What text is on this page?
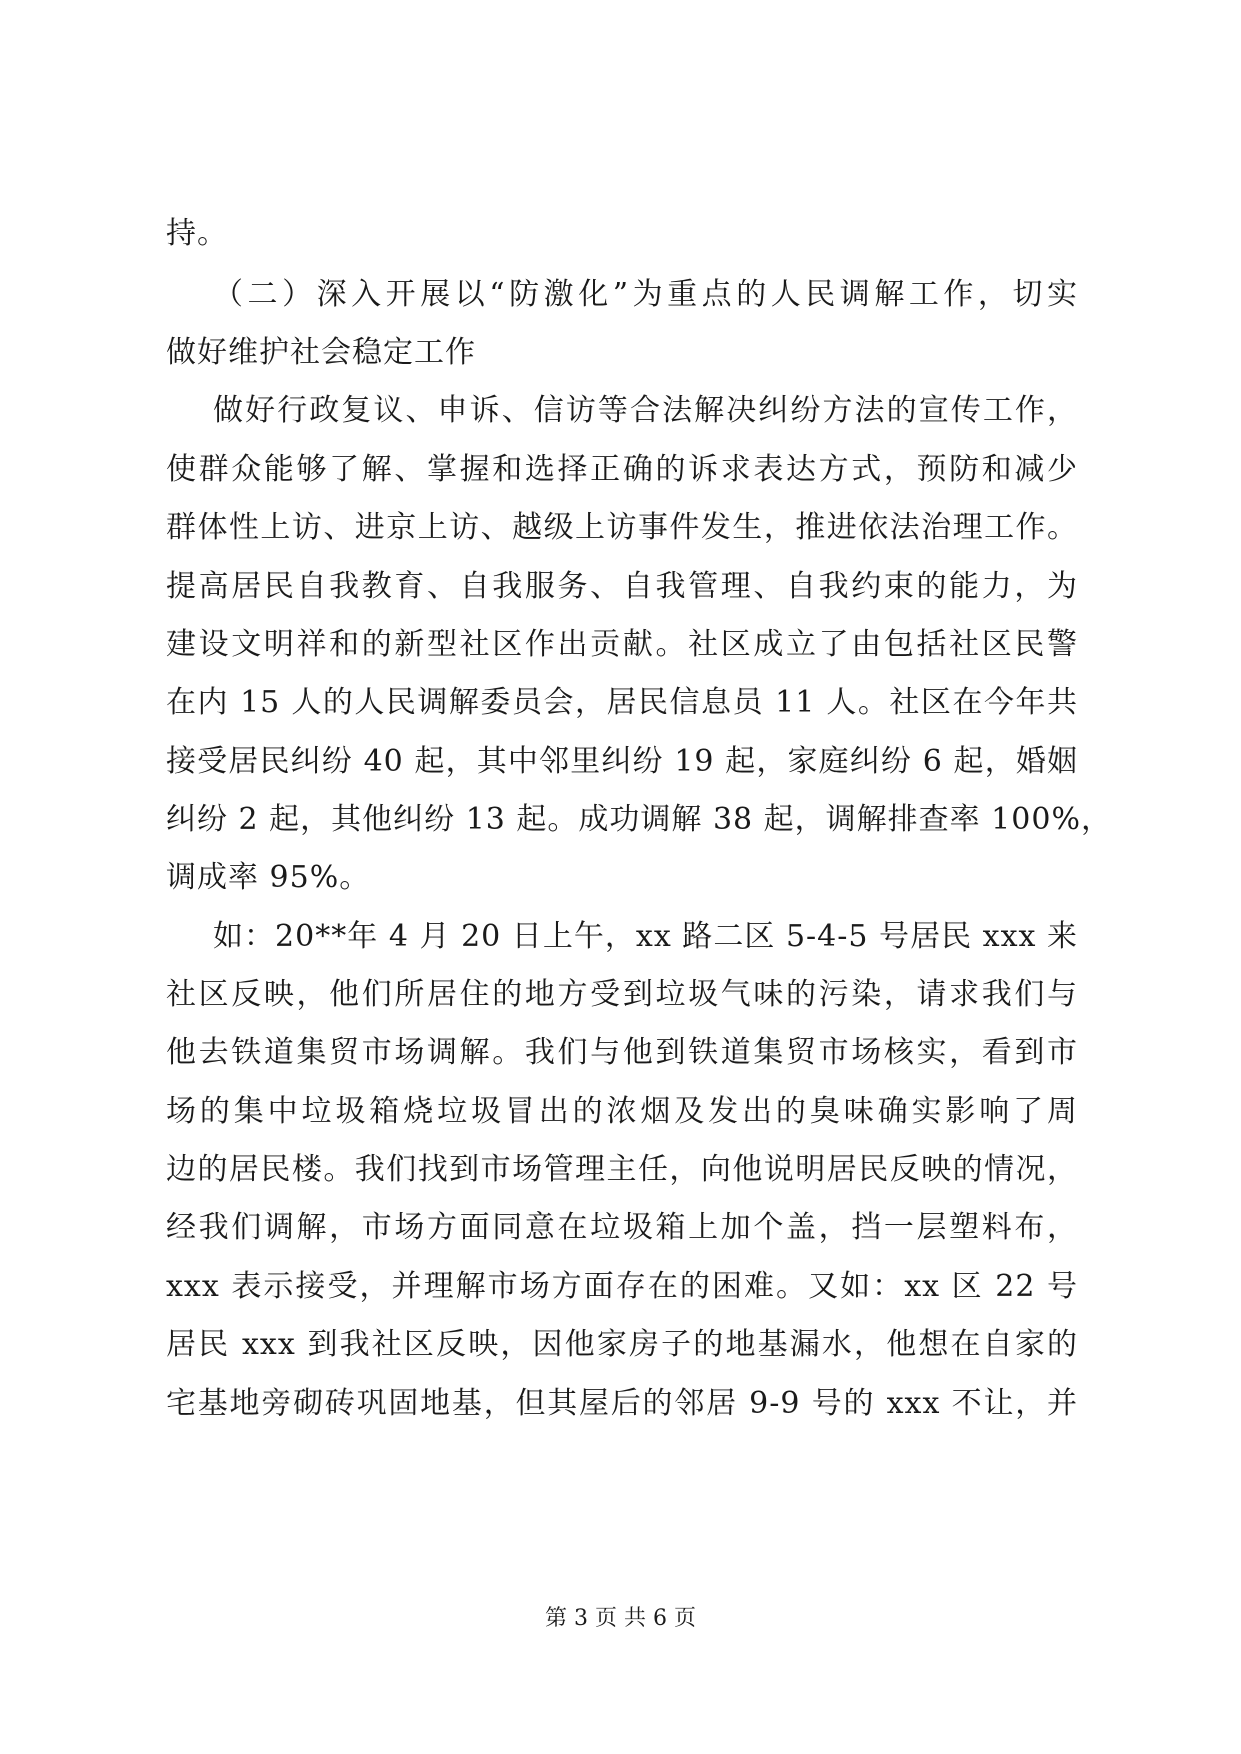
持。
（二）深入开展以“防激化”为重点的人民调解工作，切实
做好维护社会稳定工作
做好行政复议、申诉、信访等合法解决纠纷方法的宣传工作，
使群众能够了解、掌握和选择正确的诉求表达方式，预防和减少
群体性上访、进京上访、越级上访事件发生，推进依法治理工作。
提高居民自我教育、自我服务、自我管理、自我约束的能力，为
建设文明祥和的新型社区作出贡献。社区成立了由包括社区民警
在内 15 人的人民调解委员会，居民信息员 11 人。社区在今年共
接受居民纠纷 40 起，其中邻里纠纷 19 起，家庭纠纷 6 起，婚姻
纠纷 2 起，其他纠纷 13 起。成功调解 38 起，调解排查率 100%，
调成率 95%。
如：20**年 4 月 20 日上午，xx 路二区 5-4-5 号居民 xxx 来
社区反映，他们所居住的地方受到垃圾气味的污染，请求我们与
他去铁道集贸市场调解。我们与他到铁道集贸市场核实，看到市
场的集中垃圾箱烧垃圾冒出的浓烟及发出的臭味确实影响了周
边的居民楼。我们找到市场管理主任，向他说明居民反映的情况，
经我们调解，市场方面同意在垃圾箱上加个盖，挡一层塑料布，
xxx 表示接受，并理解市场方面存在的困难。又如：xx 区 22 号
居民 xxx 到我社区反映，因他家房子的地基漏水，他想在自家的
宅基地旁砌砖巩固地基，但其屋后的邻居 9-9 号的 xxx 不让，并
第 3 页 共 6 页
